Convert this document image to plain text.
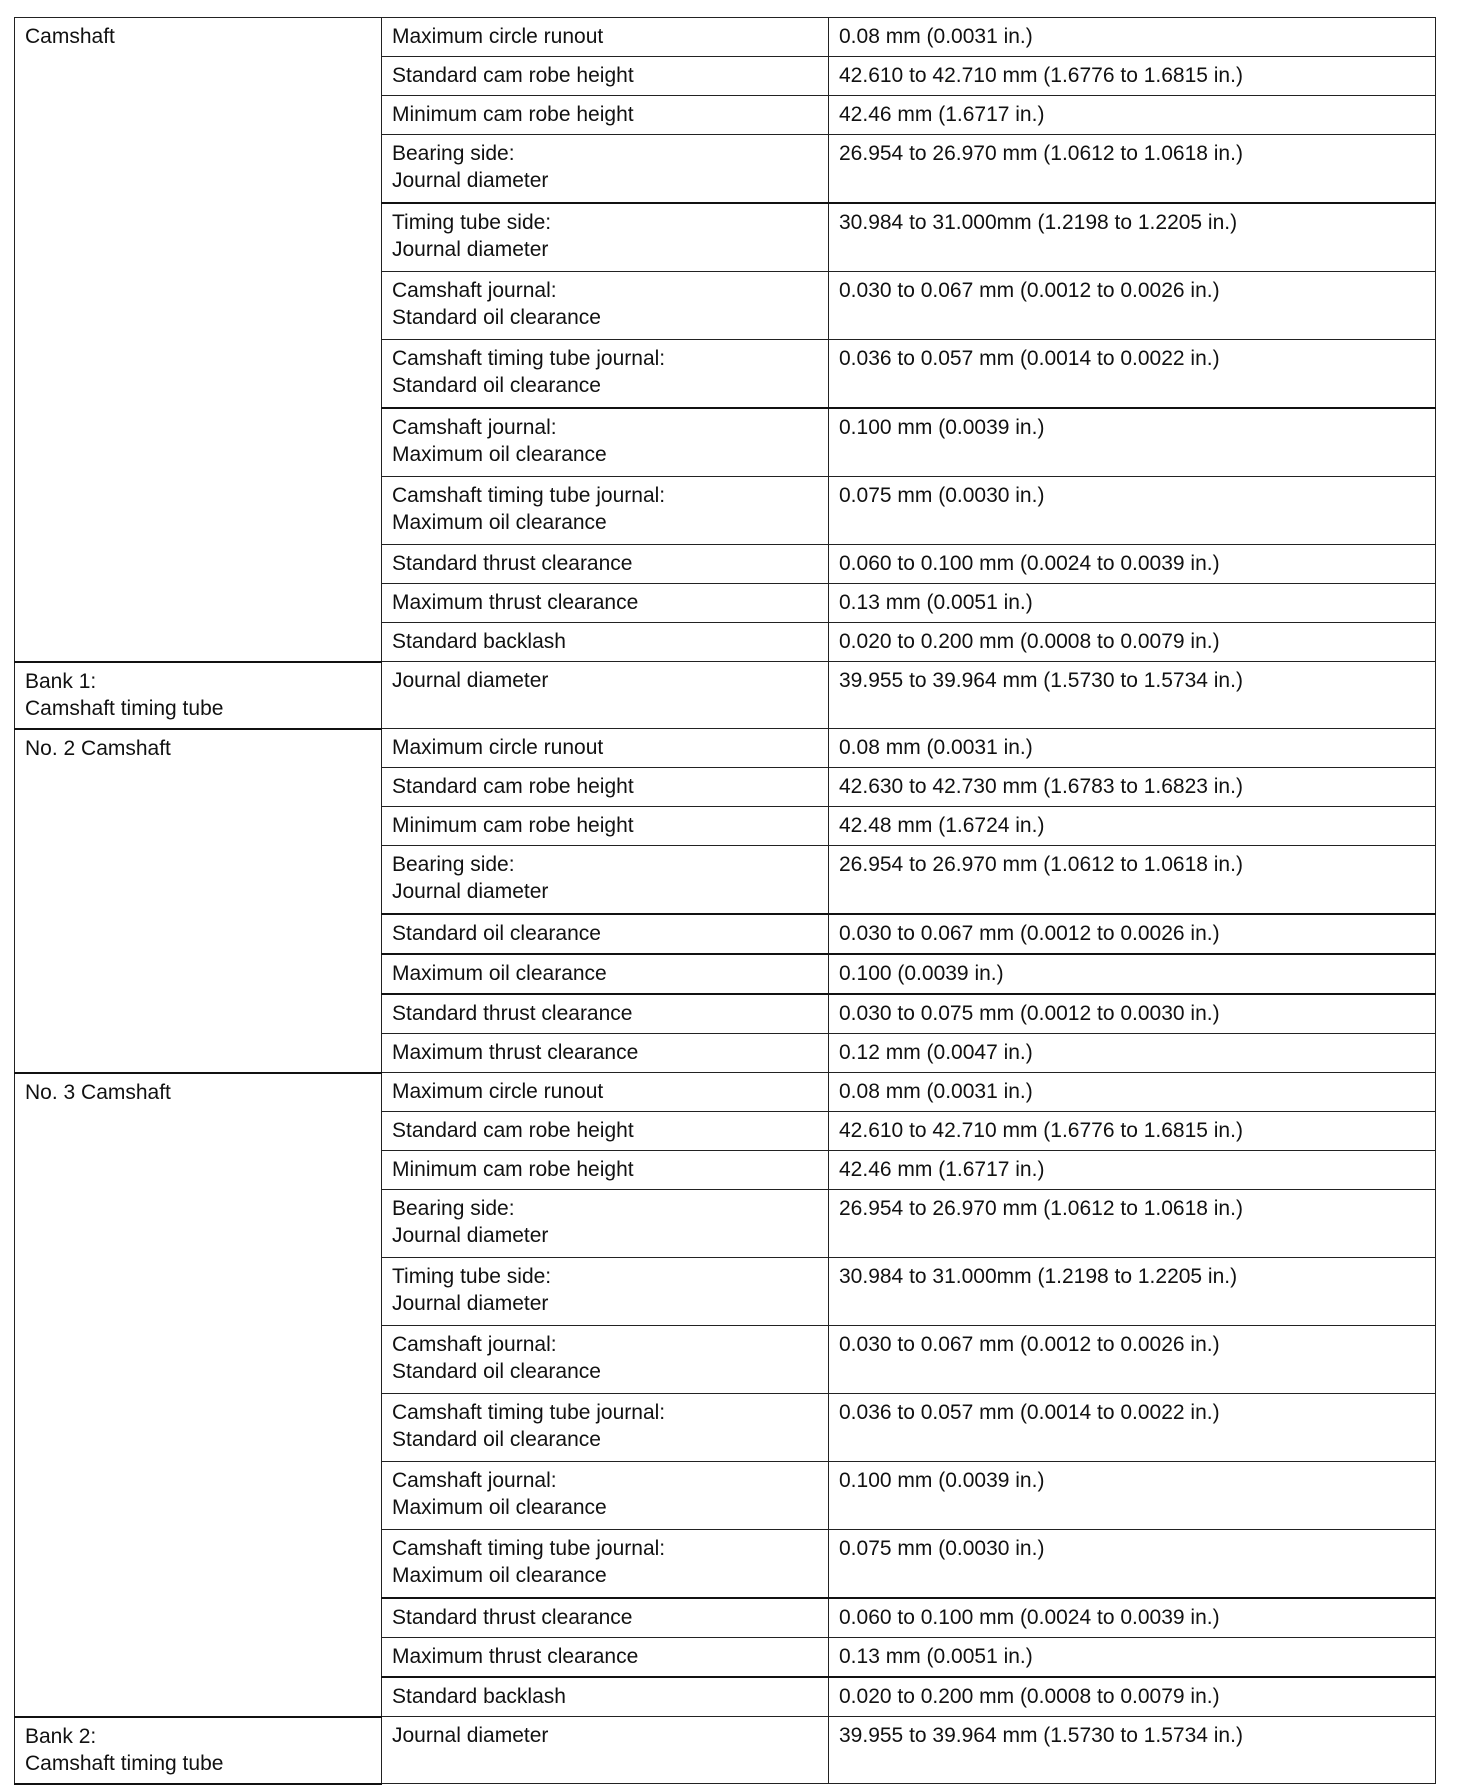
Camshaft	Maximum circle runout	0.08 mm (0.0031 in.)

	Standard cam robe height	42.610 to 42.710 mm (1.6776 to 1.6815 in.)

	Minimum cam robe height	42.46 mm (1.6717 in.)

	Bearing side:
Journal diameter	26.954 to 26.970 mm (1.0612 to 1.0618 in.)

	Timing tube side:
Journal diameter	30.984 to 31.000mm (1.2198 to 1.2205 in.)

	Camshaft journal:
Standard oil clearance	0.030 to 0.067 mm (0.0012 to 0.0026 in.)

	Camshaft timing tube journal:
Standard oil clearance	0.036 to 0.057 mm (0.0014 to 0.0022 in.)

	Camshaft journal:
Maximum oil clearance	0.100 mm (0.0039 in.)

	Camshaft timing tube journal:
Maximum oil clearance	0.075 mm (0.0030 in.)

	Standard thrust clearance	0.060 to 0.100 mm (0.0024 to 0.0039 in.)

	Maximum thrust clearance	0.13 mm (0.0051 in.)

	Standard backlash	0.020 to 0.200 mm (0.0008 to 0.0079 in.)

Bank 1:
Camshaft timing tube	Journal diameter	39.955 to 39.964 mm (1.5730 to 1.5734 in.)

No. 2 Camshaft	Maximum circle runout	0.08 mm (0.0031 in.)

	Standard cam robe height	42.630 to 42.730 mm (1.6783 to 1.6823 in.)

	Minimum cam robe height	42.48 mm (1.6724 in.)

	Bearing side:
Journal diameter	26.954 to 26.970 mm (1.0612 to 1.0618 in.)

	Standard oil clearance	0.030 to 0.067 mm (0.0012 to 0.0026 in.)

	Maximum oil clearance	0.100 (0.0039 in.)

	Standard thrust clearance	0.030 to 0.075 mm (0.0012 to 0.0030 in.)

	Maximum thrust clearance	0.12 mm (0.0047 in.)

No. 3 Camshaft	Maximum circle runout	0.08 mm (0.0031 in.)

	Standard cam robe height	42.610 to 42.710 mm (1.6776 to 1.6815 in.)

	Minimum cam robe height	42.46 mm (1.6717 in.)

	Bearing side:
Journal diameter	26.954 to 26.970 mm (1.0612 to 1.0618 in.)

	Timing tube side:
Journal diameter	30.984 to 31.000mm (1.2198 to 1.2205 in.)

	Camshaft journal:
Standard oil clearance	0.030 to 0.067 mm (0.0012 to 0.0026 in.)

	Camshaft timing tube journal:
Standard oil clearance	0.036 to 0.057 mm (0.0014 to 0.0022 in.)

	Camshaft journal:
Maximum oil clearance	0.100 mm (0.0039 in.)

	Camshaft timing tube journal:
Maximum oil clearance	0.075 mm (0.0030 in.)

	Standard thrust clearance	0.060 to 0.100 mm (0.0024 to 0.0039 in.)

	Maximum thrust clearance	0.13 mm (0.0051 in.)

	Standard backlash	0.020 to 0.200 mm (0.0008 to 0.0079 in.)

Bank 2:
Camshaft timing tube	Journal diameter	39.955 to 39.964 mm (1.5730 to 1.5734 in.)
